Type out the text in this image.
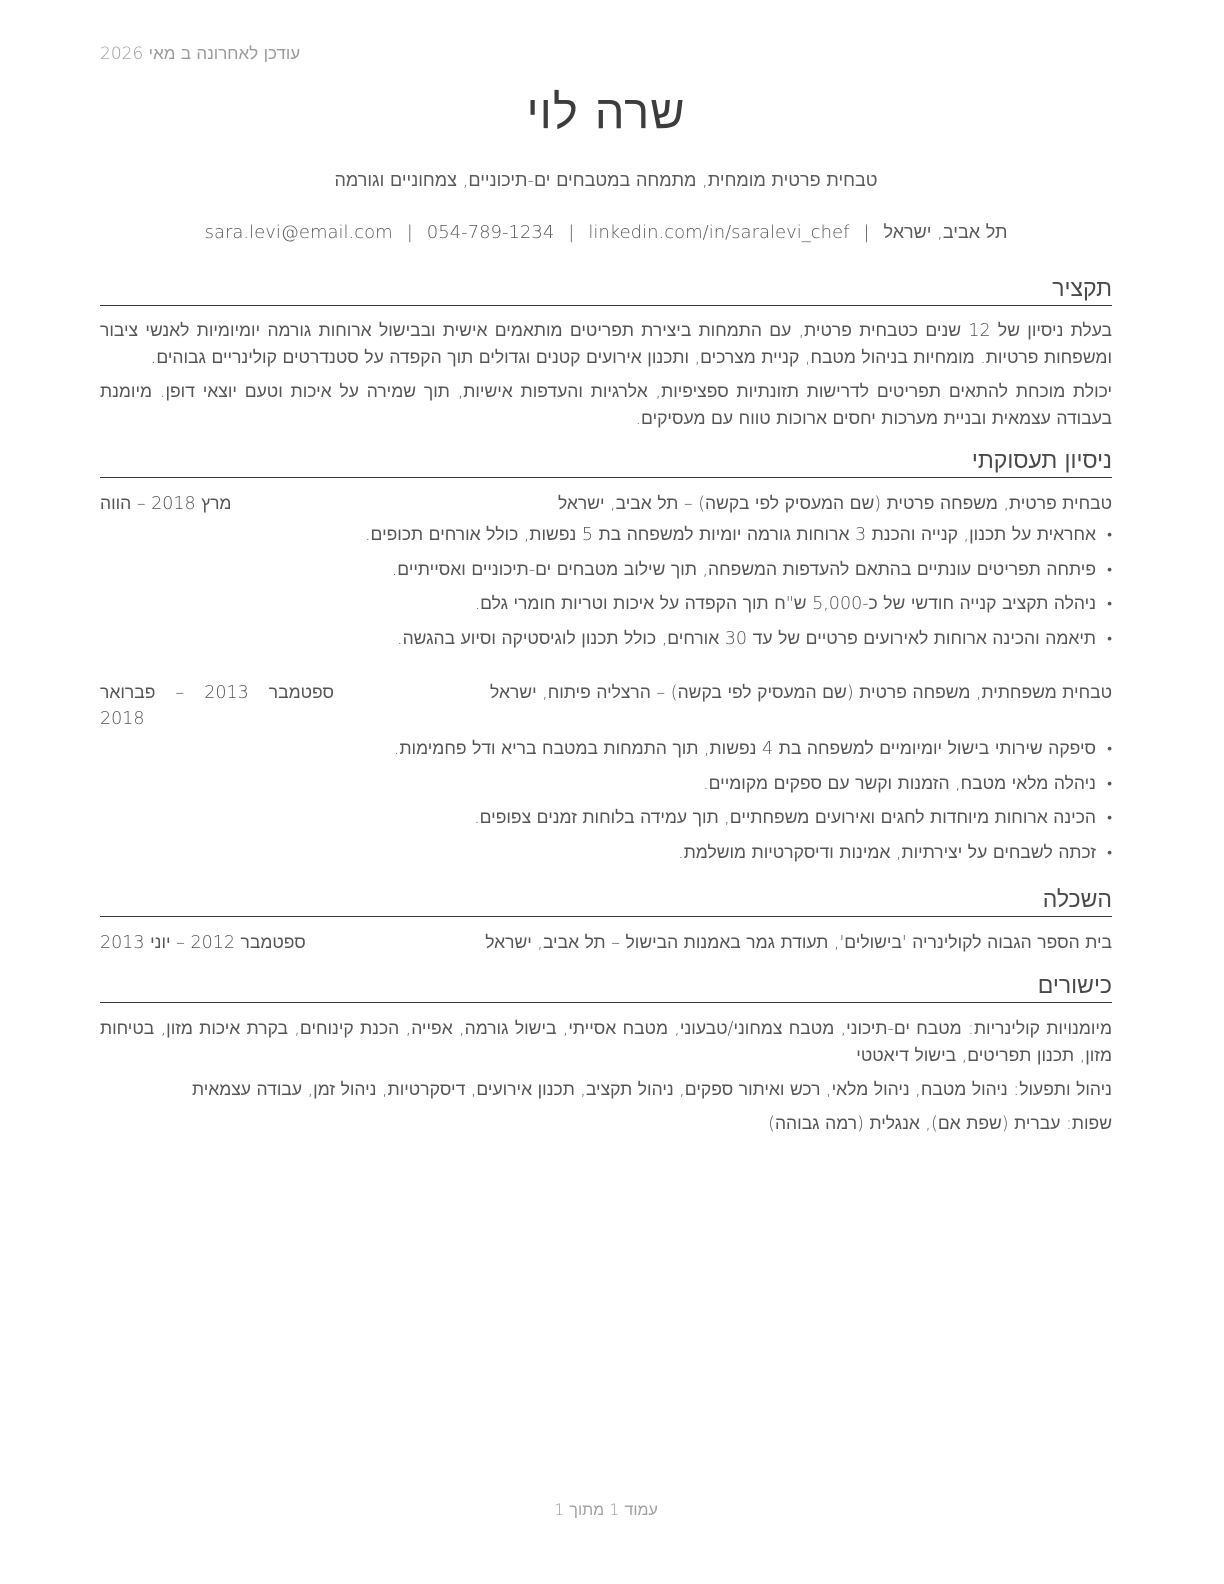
עודכן לאחרונה ב מאי 2026
שרה לוי
טבחית פרטית מומחית, מתמחה במטבחים ים-תיכוניים, צמחוניים וגורמה
תל אביב, ישראל|sara.levi@email.com | 054-789-1234 | linkedin.com/in/saralevi_chef
תקציר
בעלת ניסיון של 12 שנים כטבחית פרטית, עם התמחות ביצירת תפריטים מותאמים אישית ובבישול ארוחות גורמה יומיומיות לאנשי ציבור ומשפחות פרטיות. מומחיות בניהול מטבח, קניית מצרכים, ותכנון אירועים קטנים וגדולים תוך הקפדה על סטנדרטים קולינריים גבוהים.
יכולת מוכחת להתאים תפריטים לדרישות תזונתיות ספציפיות, אלרגיות והעדפות אישיות, תוך שמירה על איכות וטעם יוצאי דופן. מיומנת בעבודה עצמאית ובניית מערכות יחסים ארוכות טווח עם מעסיקים.
ניסיון תעסוקתי
טבחית פרטית, משפחה פרטית (שם המעסיק לפי בקשה) – תל אביב, ישראל
מרץ 2018 – הווה
• אחראית על תכנון, קנייה והכנת 3 ארוחות גורמה יומיות למשפחה בת 5 נפשות, כולל אורחים תכופים.
• פיתחה תפריטים עונתיים בהתאם להעדפות המשפחה, תוך שילוב מטבחים ים-תיכוניים ואסייתיים.
• ניהלה תקציב קנייה חודשי של כ-5,000 ש"ח תוך הקפדה על איכות וטריות חומרי גלם.
• תיאמה והכינה ארוחות לאירועים פרטיים של עד 30 אורחים, כולל תכנון לוגיסטיקה וסיוע בהגשה.
טבחית משפחתית, משפחה פרטית (שם המעסיק לפי בקשה) – הרצליה פיתוח, ישראל
ספטמבר 2013 – פברואר 2018
• סיפקה שירותי בישול יומיומיים למשפחה בת 4 נפשות, תוך התמחות במטבח בריא ודל פחמימות.
• ניהלה מלאי מטבח, הזמנות וקשר עם ספקים מקומיים.
• הכינה ארוחות מיוחדות לחגים ואירועים משפחתיים, תוך עמידה בלוחות זמנים צפופים.
• זכתה לשבחים על יצירתיות, אמינות ודיסקרטיות מושלמת.
השכלה
בית הספר הגבוה לקולינריה 'בישולים', תעודת גמר באמנות הבישול – תל אביב, ישראל
ספטמבר 2012 – יוני 2013
כישורים
מיומנויות קולינריות: מטבח ים-תיכוני, מטבח צמחוני/טבעוני, מטבח אסייתי, בישול גורמה, אפייה, הכנת קינוחים, בקרת איכות מזון, בטיחות מזון, תכנון תפריטים, בישול דיאטטי
ניהול ותפעול: ניהול מטבח, ניהול מלאי, רכש ואיתור ספקים, ניהול תקציב, תכנון אירועים, דיסקרטיות, ניהול זמן, עבודה עצמאית
שפות: עברית (שפת אם), אנגלית (רמה גבוהה)
עמוד 1 מתוך 1
